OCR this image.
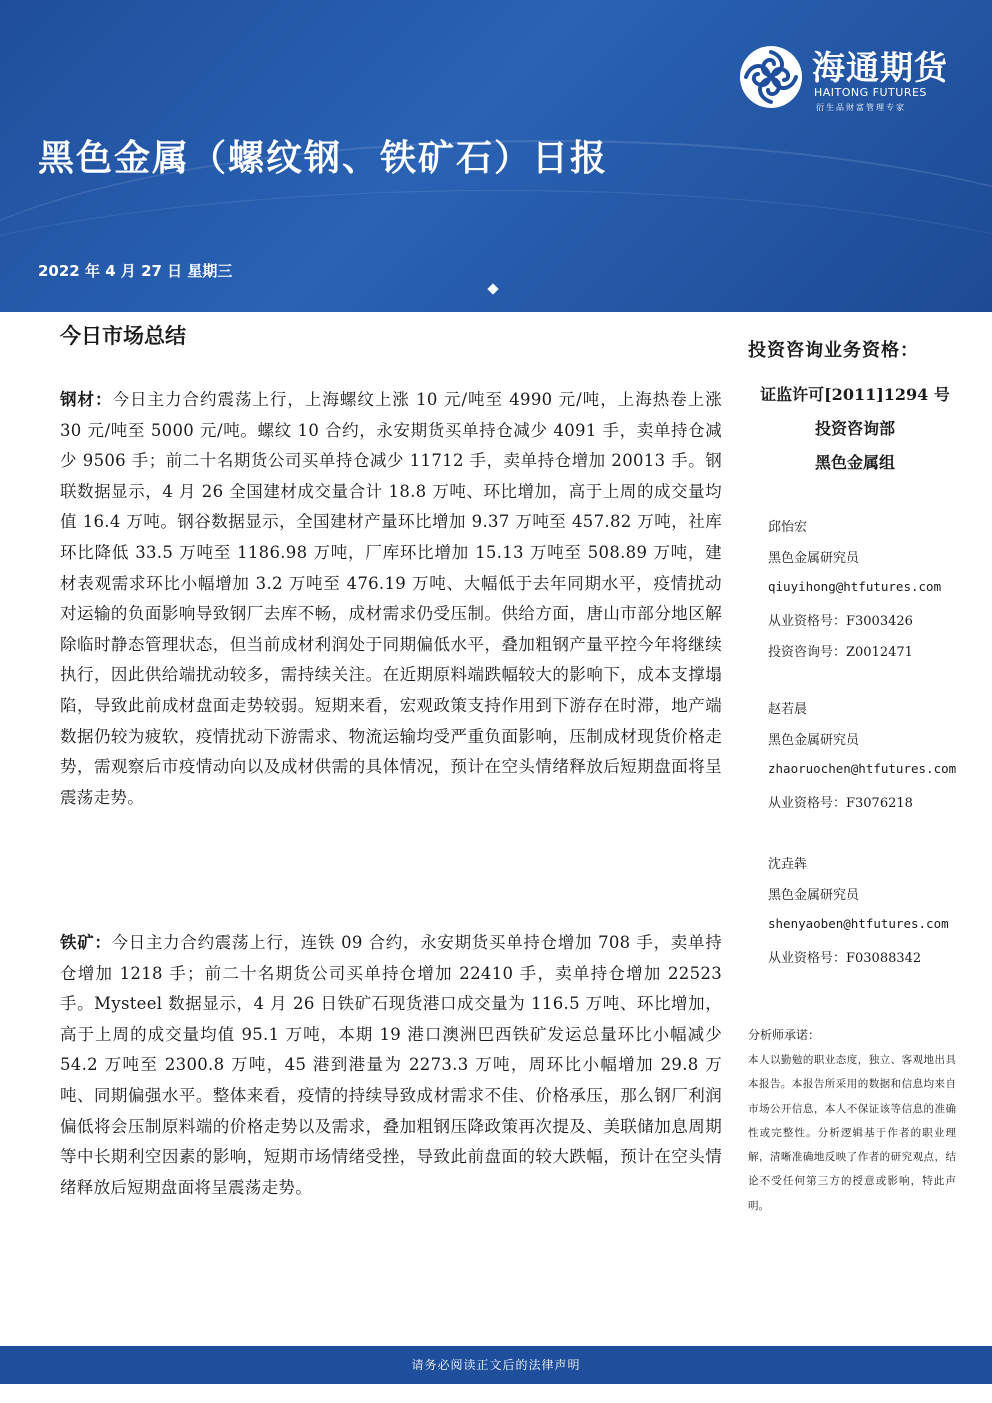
海通期货
HAITONG FUTURES
衍生品财富管理专家
黑色金属（螺纹钢、铁矿石）日报
2022 年 4 月 27 日 星期三
今日市场总结
钢材：今日主力合约震荡上行，上海螺纹上涨 10 元/吨至 4990 元/吨，上海热卷上涨 30 元/吨至 5000 元/吨。螺纹 10 合约，永安期货买单持仓减少 4091 手，卖单持仓减少 9506 手；前二十名期货公司买单持仓减少 11712 手，卖单持仓增加 20013 手。钢联数据显示，4 月 26 全国建材成交量合计 18.8 万吨、环比增加，高于上周的成交量均值 16.4 万吨。钢谷数据显示，全国建材产量环比增加 9.37 万吨至 457.82 万吨，社库环比降低 33.5 万吨至 1186.98 万吨，厂库环比增加 15.13 万吨至 508.89 万吨，建材表观需求环比小幅增加 3.2 万吨至 476.19 万吨、大幅低于去年同期水平，疫情扰动对运输的负面影响导致钢厂去库不畅，成材需求仍受压制。供给方面，唐山市部分地区解除临时静态管理状态，但当前成材利润处于同期偏低水平，叠加粗钢产量平控今年将继续执行，因此供给端扰动较多，需持续关注。在近期原料端跌幅较大的影响下，成本支撑塌陷，导致此前成材盘面走势较弱。短期来看，宏观政策支持作用到下游存在时滞，地产端数据仍较为疲软，疫情扰动下游需求、物流运输均受严重负面影响，压制成材现货价格走势，需观察后市疫情动向以及成材供需的具体情况，预计在空头情绪释放后短期盘面将呈震荡走势。
铁矿：今日主力合约震荡上行，连铁 09 合约，永安期货买单持仓增加 708 手，卖单持仓增加 1218 手；前二十名期货公司买单持仓增加 22410 手，卖单持仓增加 22523 手。Mysteel 数据显示，4 月 26 日铁矿石现货港口成交量为 116.5 万吨、环比增加，高于上周的成交量均值 95.1 万吨，本期 19 港口澳洲巴西铁矿发运总量环比小幅减少 54.2 万吨至 2300.8 万吨，45 港到港量为 2273.3 万吨，周环比小幅增加 29.8 万吨、同期偏强水平。整体来看，疫情的持续导致成材需求不佳、价格承压，那么钢厂利润偏低将会压制原料端的价格走势以及需求，叠加粗钢压降政策再次提及、美联储加息周期等中长期利空因素的影响，短期市场情绪受挫，导致此前盘面的较大跌幅，预计在空头情绪释放后短期盘面将呈震荡走势。
投资咨询业务资格：
证监许可[2011]1294 号
投资咨询部
黑色金属组
邱怡宏
黑色金属研究员
qiuyihong@htfutures.com
从业资格号：F3003426
投资咨询号：Z0012471
赵若晨
黑色金属研究员
zhaoruochen@htfutures.com
从业资格号：F3076218
沈垚犇
黑色金属研究员
shenyaoben@htfutures.com
从业资格号：F03088342
分析师承诺：
本人以勤勉的职业态度，独立、客观地出具本报告。本报告所采用的数据和信息均来自市场公开信息，本人不保证该等信息的准确性或完整性。分析逻辑基于作者的职业理解，清晰准确地反映了作者的研究观点，结论不受任何第三方的授意或影响，特此声明。
请务必阅读正文后的法律声明
